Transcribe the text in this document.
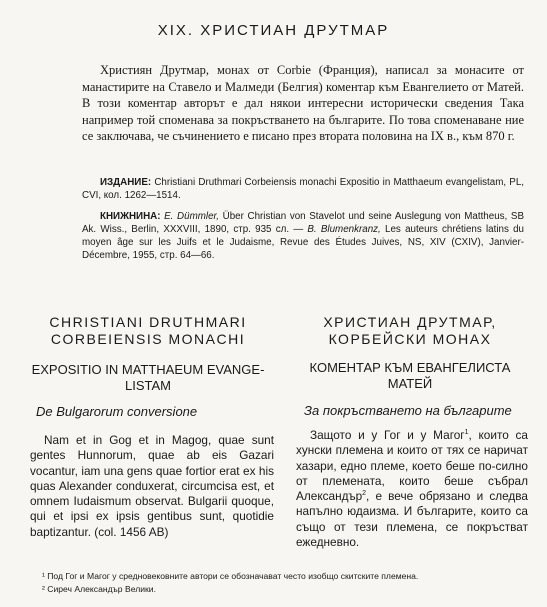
XIX. ХРИСТИАН ДРУТМАР
Християн Друтмар, монах от Corbie (Франция), написал за монасите от манастирите на Ставело и Малмеди (Белгия) коментар към Евангелието от Матей. В този коментар авторът е дал някои интересни исторически сведения Така например той споменава за покръстването на българите. По това споменаване ние се заключава, че съчинението е писано през втората половина на IX в., към 870 г.
ИЗДАНИЕ: Christiani Druthmari Corbeiensis monachi Expositio in Matthaeum evangelistam, PL, CVI, кол. 1262—1514.
КНИЖНИНА: E. Dümmler, Über Christian von Stavelot und seine Auslegung von Mattheus, SB Ak. Wiss., Berlin, XXXVIII, 1890, стр. 935 сл. — B. Blumenkranz, Les auteurs chrétiens latins du moyen âge sur les Juifs et le Judaisme, Revue des Études Juives, NS, XIV (CXIV), Janvier-Décembre, 1955, стр. 64—66.
CHRISTIANI DRUTHMARI
CORBEIENSIS MONACHI
EXPOSITIO IN MATTHAEUM EVANGE-
LISTAM
ХРИСТИАН ДРУТМАР,
КОРБЕЙСКИ МОНАХ
КОМЕНТАР КЪМ ЕВАНГЕЛИСТА
МАТЕЙ
De Bulgarorum conversione	За покръстването на българите
Nam et in Gog et in Magog, quae sunt gentes Hunnorum, quae ab eis Gazari vocantur, iam una gens quae fortior erat ex his quas Alexander conduxerat, circumcisa est, et omnem Iudaismum observat. Bulgarii quoque, qui et ipsi ex ipsis gentibus sunt, quotidie baptizantur. (col. 1456 AB)
Защото и у Гог и у Магог$^1$, които са хунски племена и които от тях се наричат хазари, едно племе, което беше по-силно от племената, които беше събрал Александър$^2$, е вече обрязано и следва напълно юдаизма. И българите, които са също от тези племена, се покръстват ежедневно.
¹ Под Гог и Магог у средновековните автори се обозначават често изобщо скитските племена.
² Сиреч Александър Велики.
